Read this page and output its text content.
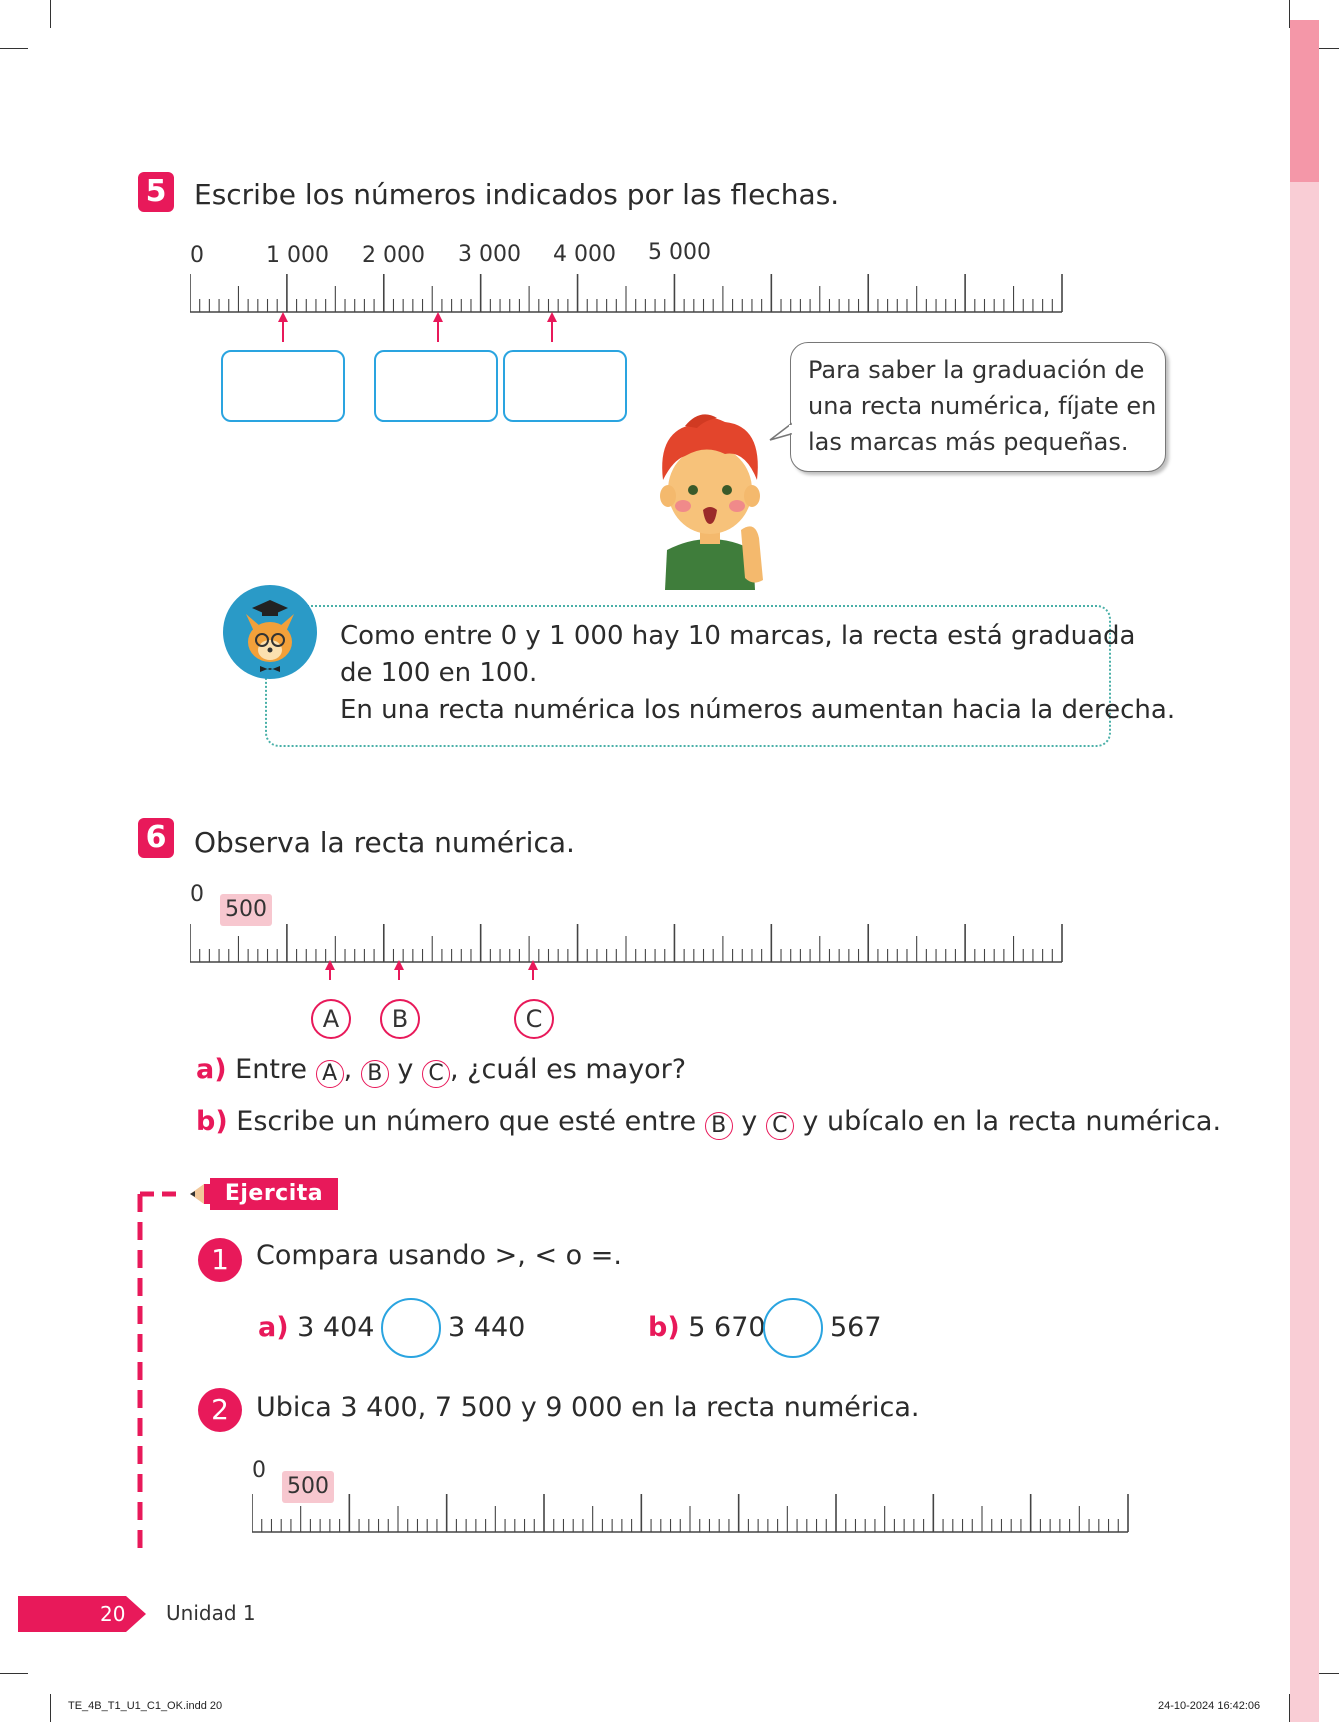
5 Escribe los números indicados por las flechas.
0	1 000 2 000 3 000 4 000 5 000
Para saber la graduación de una recta numérica, fíjate en las marcas más pequeñas.
Como entre 0 y 1 000 hay 10 marcas, la recta está graduada
de 100 en 100.
En una recta numérica los números aumentan hacia la derecha.
6 Observa la recta numérica.
0
500
A	B	C
a) Entre A , B y C , ¿cuál es mayor?
b) Escribe un número que esté entre B y C y ubícalo en la recta numérica.
Ejercita
1	Compara usando >, < o =.
a) 3 404	3 440	b) 5 670 567
2	Ubica 3 400, 7 500 y 9 000 en la recta numérica.
0
500
20	Unidad 1
TE_4B_T1_U1_C1_OK.indd 20	24-10-2024 16:42:06
